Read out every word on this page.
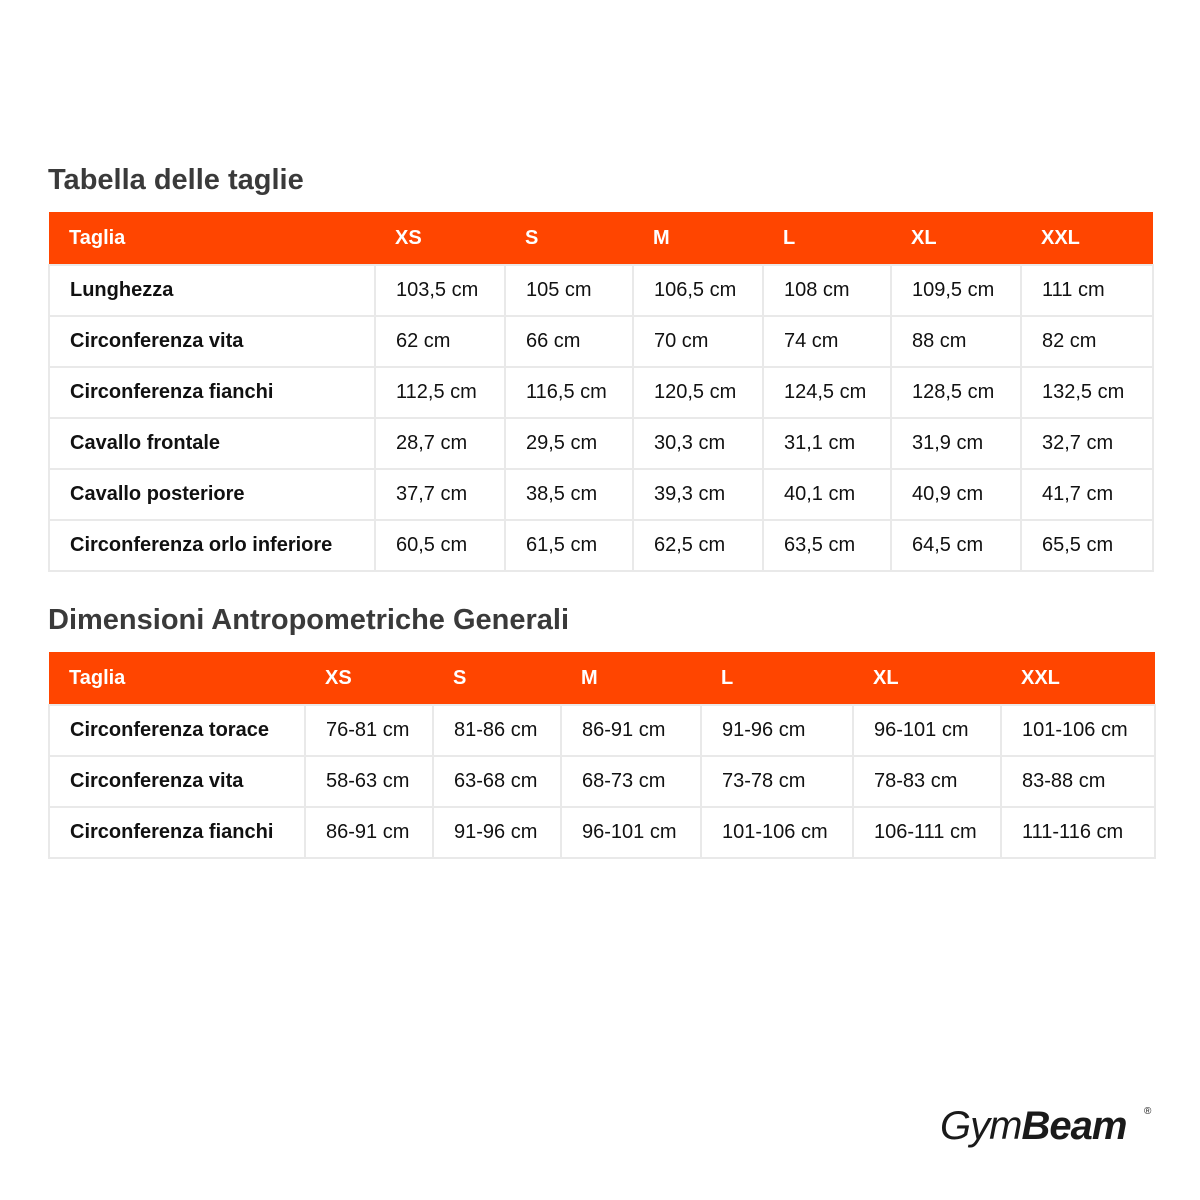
Tabella delle taglie
Taglia	XS	S	M	L	XL	XXL
Lunghezza	103,5 cm	105 cm	106,5 cm	108 cm	109,5 cm	111 cm
Circonferenza vita	62 cm	66 cm	70 cm	74 cm	88 cm	82 cm
Circonferenza fianchi	112,5 cm	116,5 cm	120,5 cm	124,5 cm	128,5 cm	132,5 cm
Cavallo frontale	28,7 cm	29,5 cm	30,3 cm	31,1 cm	31,9 cm	32,7 cm
Cavallo posteriore	37,7 cm	38,5 cm	39,3 cm	40,1 cm	40,9 cm	41,7 cm
Circonferenza orlo inferiore	60,5 cm	61,5 cm	62,5 cm	63,5 cm	64,5 cm	65,5 cm
Dimensioni Antropometriche Generali
Taglia	XS	S	M	L	XL	XXL
Circonferenza torace	76-81 cm	81-86 cm	86-91 cm	91-96 cm	96-101 cm	101-106 cm
Circonferenza vita	58-63 cm	63-68 cm	68-73 cm	73-78 cm	78-83 cm	83-88 cm
Circonferenza fianchi	86-91 cm	91-96 cm	96-101 cm	101-106 cm	106-111 cm	111-116 cm
GymBeam ®
